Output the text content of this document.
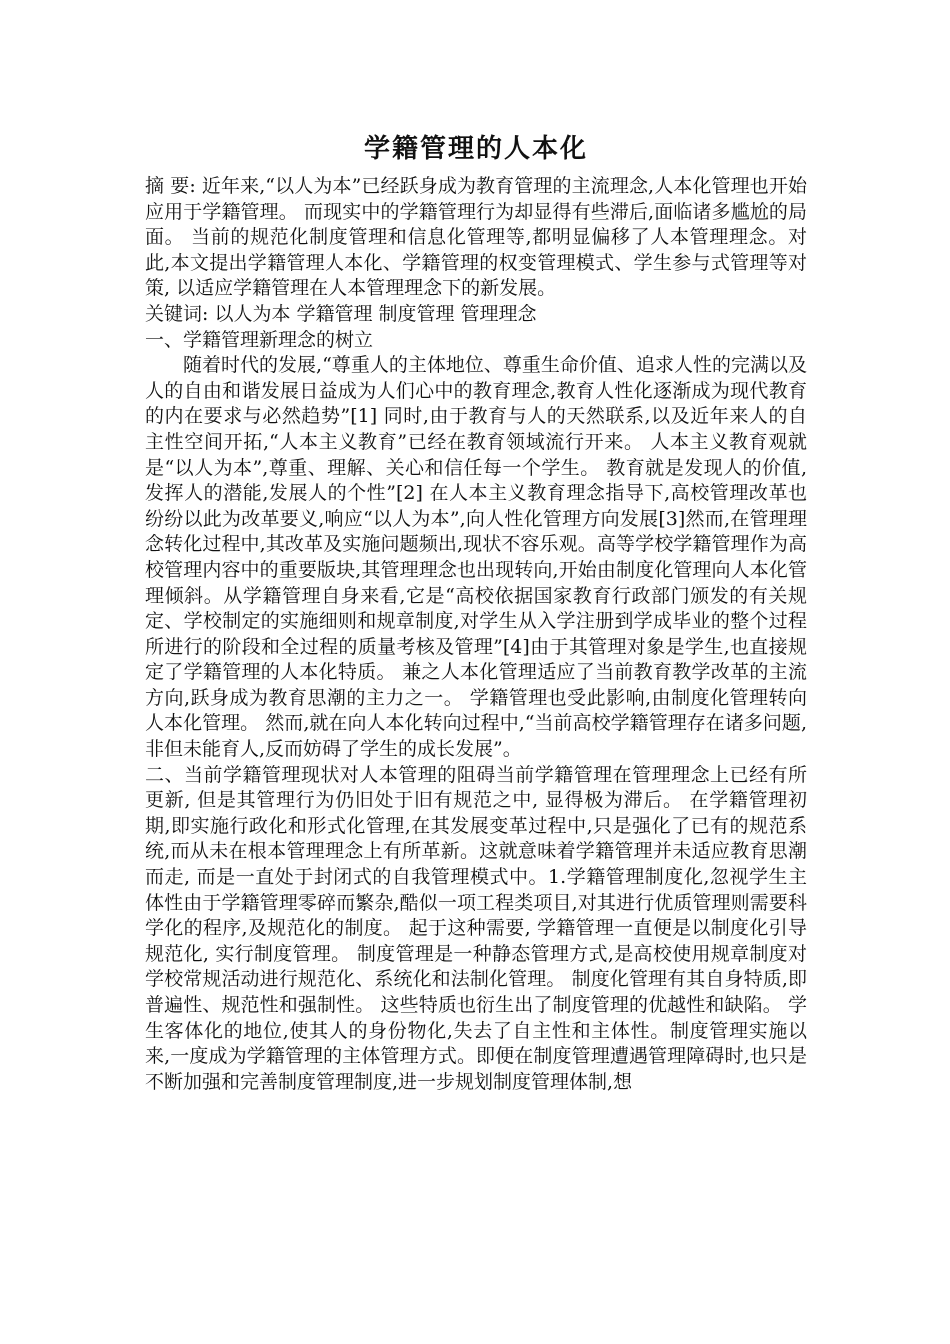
学籍管理的人本化

摘 要: 近年来,“以人为本”已经跃身成为教育管理的主流理念,人本化管理也开始应用于学籍管理。 而现实中的学籍管理行为却显得有些滞后,面临诸多尴尬的局面。 当前的规范化制度管理和信息化管理等,都明显偏移了人本管理理念。对此,本文提出学籍管理人本化、学籍管理的权变管理模式、学生参与式管理等对策, 以适应学籍管理在人本管理理念下的新发展。

关键词: 以人为本 学籍管理 制度管理 管理理念

一、学籍管理新理念的树立

随着时代的发展,“尊重人的主体地位、尊重生命价值、追求人性的完满以及人的自由和谐发展日益成为人们心中的教育理念,教育人性化逐渐成为现代教育的内在要求与必然趋势”[1] 同时,由于教育与人的天然联系,以及近年来人的自主性空间开拓,“人本主义教育”已经在教育领域流行开来。 人本主义教育观就是“以人为本”,尊重、理解、关心和信任每一个学生。 教育就是发现人的价值,发挥人的潜能,发展人的个性”[2] 在人本主义教育理念指导下,高校管理改革也纷纷以此为改革要义,响应“以人为本”,向人性化管理方向发展[3]然而,在管理理念转化过程中,其改革及实施问题频出,现状不容乐观。高等学校学籍管理作为高校管理内容中的重要版块,其管理理念也出现转向,开始由制度化管理向人本化管理倾斜。从学籍管理自身来看,它是“高校依据国家教育行政部门颁发的有关规定、学校制定的实施细则和规章制度,对学生从入学注册到学成毕业的整个过程所进行的阶段和全过程的质量考核及管理”[4]由于其管理对象是学生,也直接规定了学籍管理的人本化特质。 兼之人本化管理适应了当前教育教学改革的主流方向,跃身成为教育思潮的主力之一。 学籍管理也受此影响,由制度化管理转向人本化管理。 然而,就在向人本化转向过程中,“当前高校学籍管理存在诸多问题,非但未能育人,反而妨碍了学生的成长发展”。

二、当前学籍管理现状对人本管理的阻碍当前学籍管理在管理理念上已经有所更新, 但是其管理行为仍旧处于旧有规范之中, 显得极为滞后。 在学籍管理初期,即实施行政化和形式化管理,在其发展变革过程中,只是强化了已有的规范系统,而从未在根本管理理念上有所革新。这就意味着学籍管理并未适应教育思潮而走, 而是一直处于封闭式的自我管理模式中。1.学籍管理制度化,忽视学生主体性由于学籍管理零碎而繁杂,酷似一项工程类项目,对其进行优质管理则需要科学化的程序,及规范化的制度。 起于这种需要, 学籍管理一直便是以制度化引导规范化, 实行制度管理。 制度管理是一种静态管理方式,是高校使用规章制度对学校常规活动进行规范化、系统化和法制化管理。 制度化管理有其自身特质,即普遍性、规范性和强制性。 这些特质也衍生出了制度管理的优越性和缺陷。 学生客体化的地位,使其人的身份物化,失去了自主性和主体性。制度管理实施以来,一度成为学籍管理的主体管理方式。即便在制度管理遭遇管理障碍时,也只是不断加强和完善制度管理制度,进一步规划制度管理体制,想
